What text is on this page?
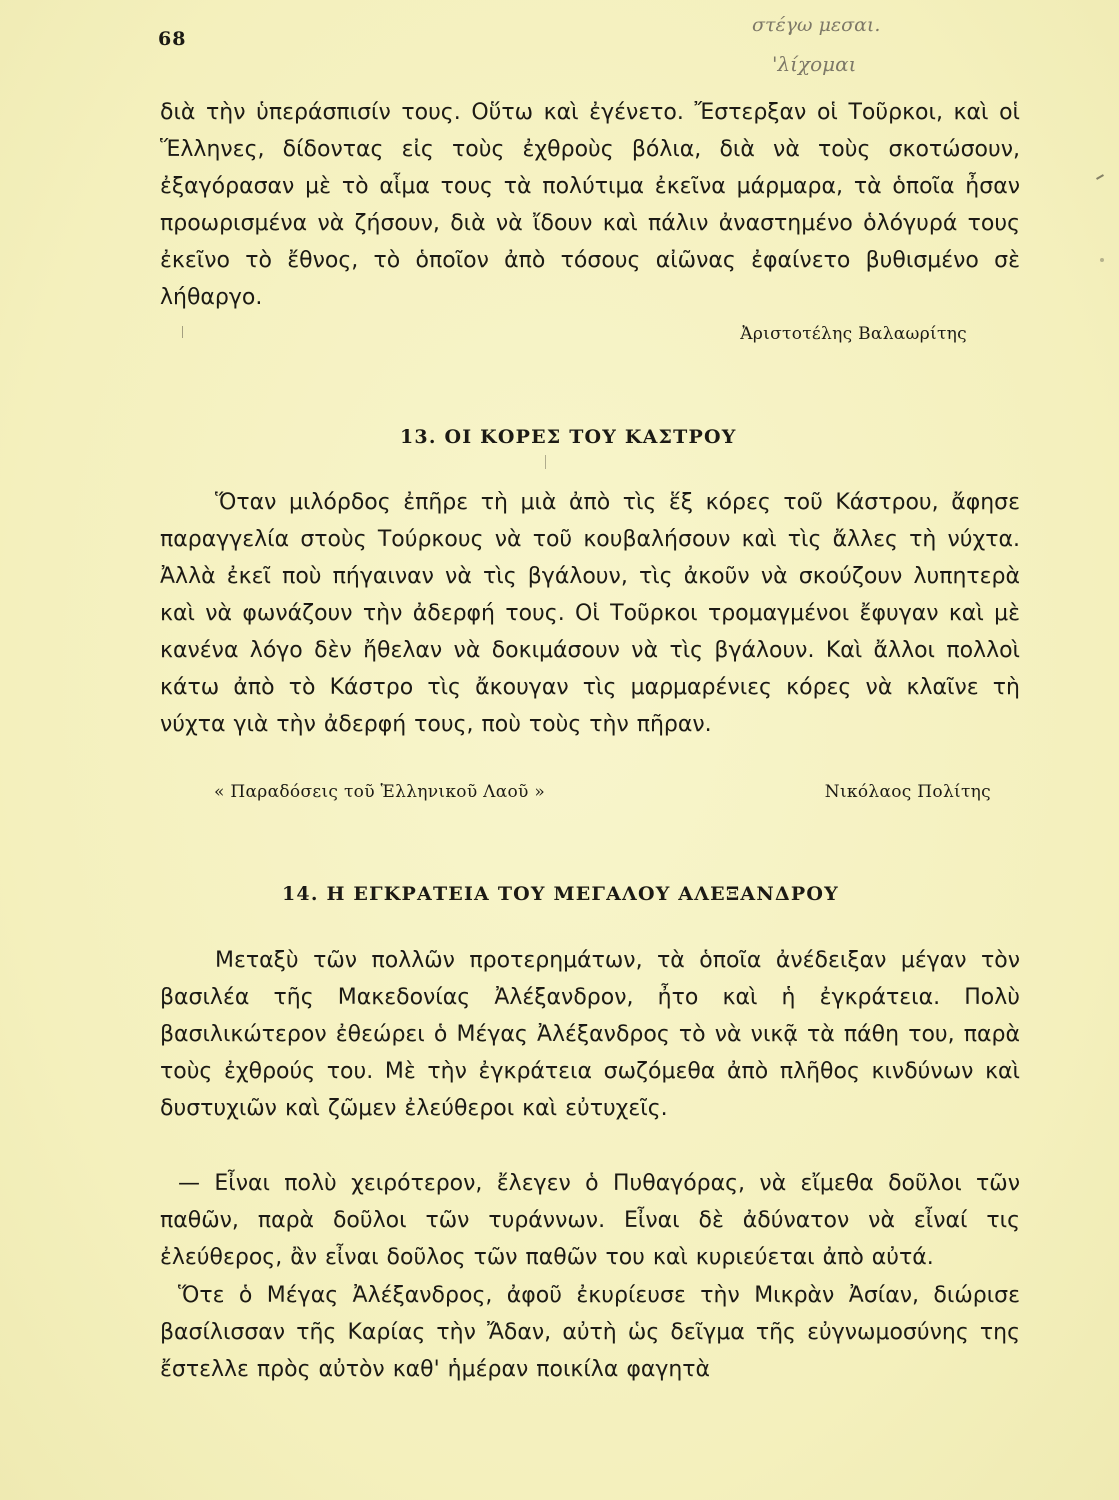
68
στέγω μεσαι.
'λίχομαι

διὰ τὴν ὑπεράσπισίν τους. Οὕτω καὶ ἐγένετο. Ἔστερξαν οἱ Τοῦρκοι, καὶ οἱ Ἕλληνες, δίδοντας εἰς τοὺς ἐχθροὺς βόλια, διὰ νὰ τοὺς σκοτώσουν, ἐξαγόρασαν μὲ τὸ αἷμα τους τὰ πολύτιμα ἐκεῖνα μάρμαρα, τὰ ὁποῖα ἦσαν προωρισμένα νὰ ζήσουν, διὰ νὰ ἴδουν καὶ πάλιν ἀναστημένο ὁλόγυρά τους ἐκεῖνο τὸ ἔθνος, τὸ ὁποῖον ἀπὸ τόσους αἰῶνας ἐφαίνετο βυθισμένο σὲ λήθαργο.

Ἀριστοτέλης Βαλαωρίτης
13. ΟΙ ΚΟΡΕΣ ΤΟΥ ΚΑΣΤΡΟΥ

Ὅταν μιλόρδος ἐπῆρε τὴ μιὰ ἀπὸ τὶς ἕξ κόρες τοῦ Κάστρου, ἄφησε παραγγελία στοὺς Τούρκους νὰ τοῦ κουβαλήσουν καὶ τὶς ἄλλες τὴ νύχτα. Ἀλλὰ ἐκεῖ ποὺ πήγαιναν νὰ τὶς βγάλουν, τὶς ἀκοῦν νὰ σκούζουν λυπητερὰ καὶ νὰ φωνάζουν τὴν ἀδερφή τους. Οἱ Τοῦρκοι τρομαγμένοι ἔφυγαν καὶ μὲ κανένα λόγο δὲν ἤθελαν νὰ δοκιμάσουν νὰ τὶς βγάλουν. Καὶ ἄλλοι πολλοὶ κάτω ἀπὸ τὸ Κάστρο τὶς ἄκουγαν τὶς μαρμαρένιες κόρες νὰ κλαῖνε τὴ νύχτα γιὰ τὴν ἀδερφή τους, ποὺ τοὺς τὴν πῆραν.

« Παραδόσεις τοῦ Ἑλληνικοῦ Λαοῦ »	Νικόλαος Πολίτης
14. Η ΕΓΚΡΑΤΕΙΑ ΤΟΥ ΜΕΓΑΛΟΥ ΑΛΕΞΑΝΔΡΟΥ

Μεταξὺ τῶν πολλῶν προτερημάτων, τὰ ὁποῖα ἀνέδειξαν μέγαν τὸν βασιλέα τῆς Μακεδονίας Ἀλέξανδρον, ἦτο καὶ ἡ ἐγκράτεια. Πολὺ βασιλικώτερον ἐθεώρει ὁ Μέγας Ἀλέξανδρος τὸ νὰ νικᾷ τὰ πάθη του, παρὰ τοὺς ἐχθρούς του. Μὲ τὴν ἐγκράτεια σωζόμεθα ἀπὸ πλῆθος κινδύνων καὶ δυστυχιῶν καὶ ζῶμεν ἐλεύθεροι καὶ εὐτυχεῖς.

— Εἶναι πολὺ χειρότερον, ἔλεγεν ὁ Πυθαγόρας, νὰ εἴμεθα δοῦλοι τῶν παθῶν, παρὰ δοῦλοι τῶν τυράννων. Εἶναι δὲ ἀδύνατον νὰ εἶναί τις ἐλεύθερος, ἂν εἶναι δοῦλος τῶν παθῶν του καὶ κυριεύεται ἀπὸ αὐτά.

Ὅτε ὁ Μέγας Ἀλέξανδρος, ἀφοῦ ἐκυρίευσε τὴν Μικρὰν Ἀσίαν, διώρισε βασίλισσαν τῆς Καρίας τὴν Ἄδαν, αὐτὴ ὡς δεῖγμα τῆς εὐγνωμοσύνης της ἔστελλε πρὸς αὐτὸν καθ' ἡμέραν ποικίλα φαγητὰ
